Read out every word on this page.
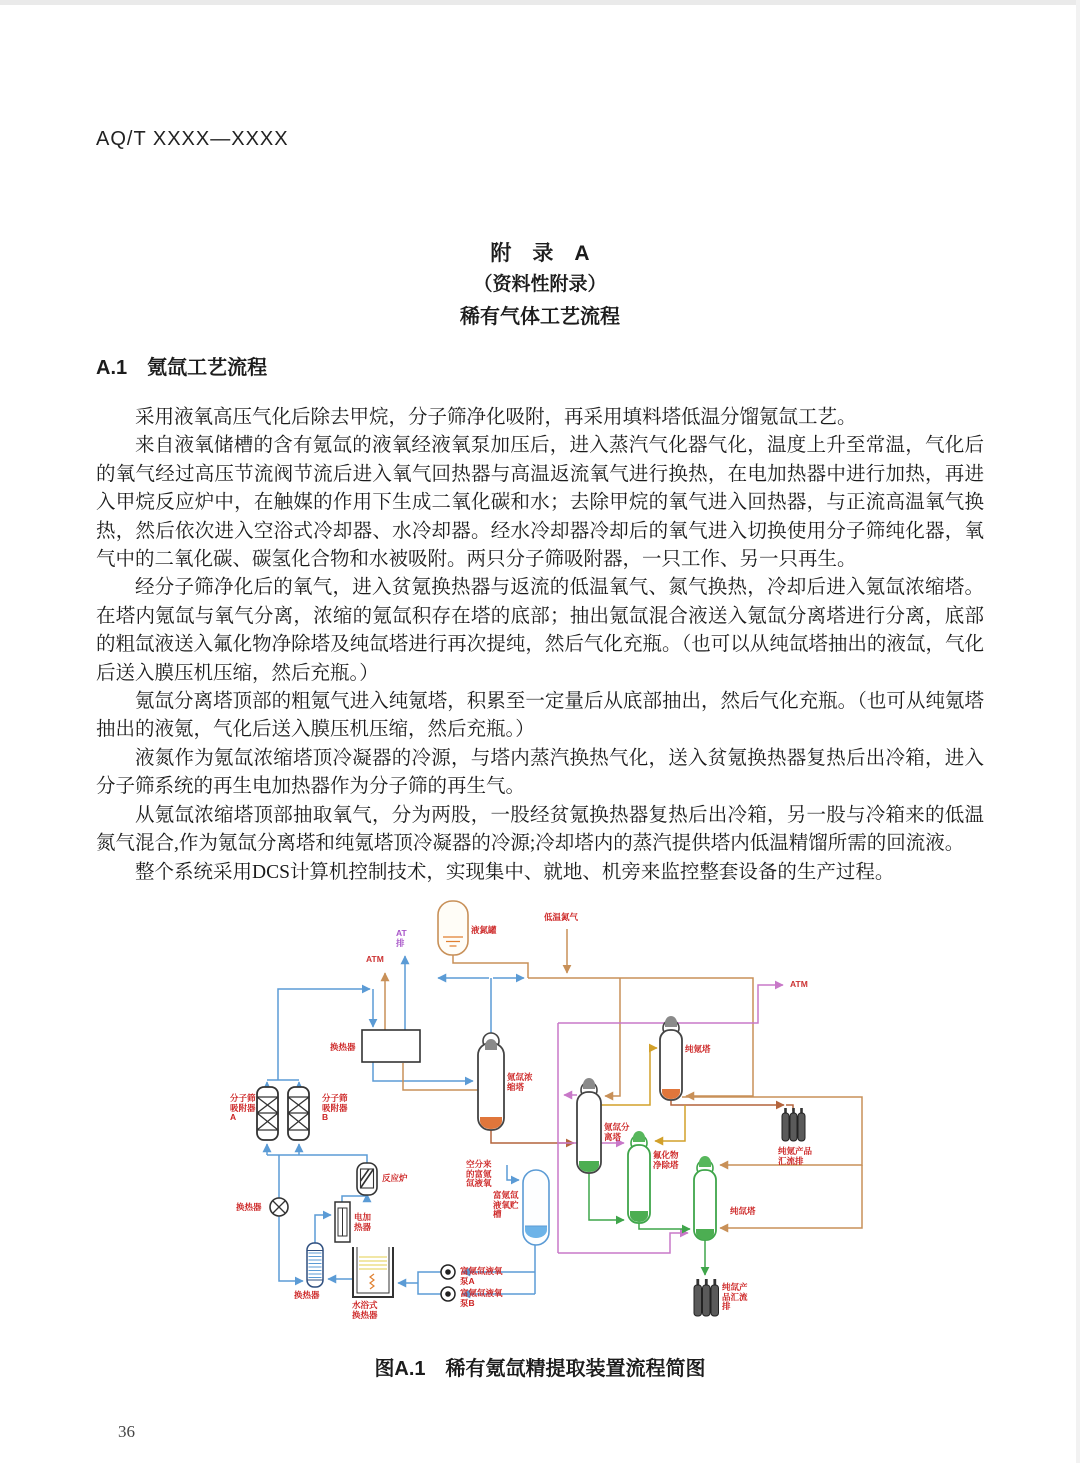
AQ/T XXXX—XXXX
附　录　A
（资料性附录）
稀有气体工艺流程
A.1　氪氙工艺流程

采用液氧高压气化后除去甲烷，分子筛净化吸附，再采用填料塔低温分馏氪氙工艺。

来自液氧储槽的含有氪氙的液氧经液氧泵加压后，进入蒸汽气化器气化，温度上升至常温，气化后的氧气经过高压节流阀节流后进入氧气回热器与高温返流氧气进行换热，在电加热器中进行加热，再进入甲烷反应炉中，在触媒的作用下生成二氧化碳和水；去除甲烷的氧气进入回热器，与正流高温氧气换热，然后依次进入空浴式冷却器、水冷却器。经水冷却器冷却后的氧气进入切换使用分子筛纯化器，氧气中的二氧化碳、碳氢化合物和水被吸附。两只分子筛吸附器，一只工作、另一只再生。

经分子筛净化后的氧气，进入贫氪换热器与返流的低温氧气、氮气换热，冷却后进入氪氙浓缩塔。在塔内氪氙与氧气分离，浓缩的氪氙积存在塔的底部；抽出氪氙混合液送入氪氙分离塔进行分离，底部的粗氙液送入氟化物净除塔及纯氙塔进行再次提纯，然后气化充瓶。（也可以从纯氙塔抽出的液氙，气化后送入膜压机压缩，然后充瓶。）

氪氙分离塔顶部的粗氪气进入纯氪塔，积累至一定量后从底部抽出，然后气化充瓶。（也可从纯氪塔抽出的液氪，气化后送入膜压机压缩，然后充瓶。）

液氮作为氪氙浓缩塔顶冷凝器的冷源，与塔内蒸汽换热气化，送入贫氪换热器复热后出冷箱，进入分子筛系统的再生电加热器作为分子筛的再生气。

从氪氙浓缩塔顶部抽取氧气，分为两股，一股经贫氪换热器复热后出冷箱，另一股与冷箱来的低温氮气混合,作为氪氙分离塔和纯氪塔顶冷凝器的冷源;冷却塔内的蒸汽提供塔内低温精馏所需的回流液。

整个系统采用DCS计算机控制技术，实现集中、就地、机旁来监控整套设备的生产过程。

液氮罐
AT排
ATM
低温氮气
ATM
换热器
分子筛吸附器A
分子筛吸附器B
氪氙浓缩塔
氪氙分离塔
纯氪塔
氟化物净除塔
纯氙塔
纯氪产品汇流排
纯氙产品汇流排
空分来的富氪氙液氧
富氪氙液氧贮槽
富氪氙液氧泵A
富氪氙液氧泵B
换热器
反应炉
电加热器
换热器
水浴式换热器
图A.1　稀有氪氙精提取装置流程简图
36
